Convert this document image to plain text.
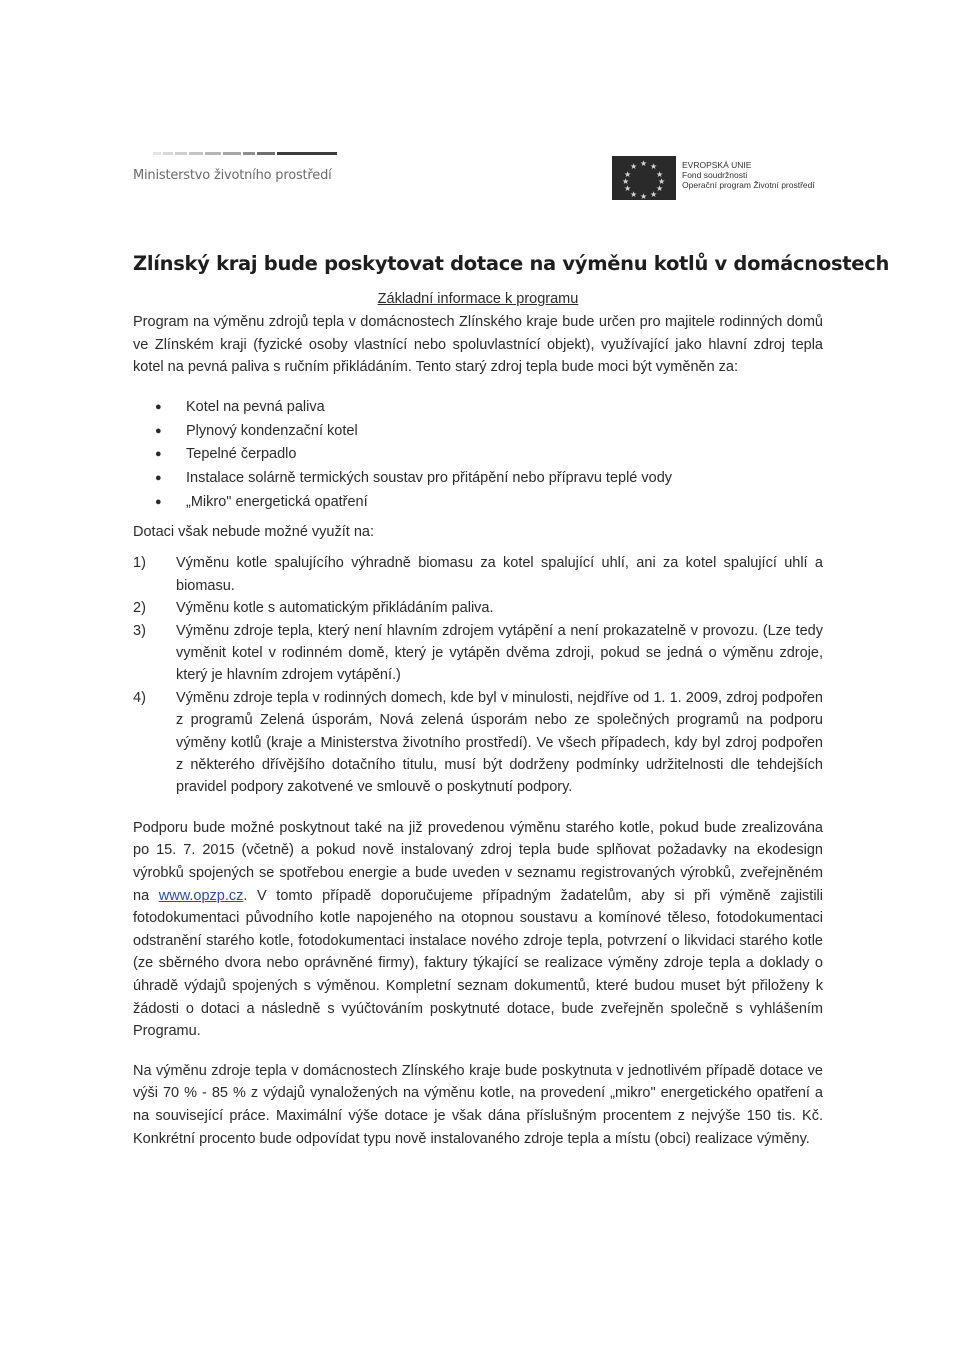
Ministerstvo životního prostředí
★ ★
★
★
★
★
★
★
★
★
★
★	EVROPSKÁ UNIE
Fond soudržnosti
Operační program Životní prostředí
Zlínský kraj bude poskytovat dotace na výměnu kotlů v domácnostech
Základní informace k programu

Program na výměnu zdrojů tepla v domácnostech Zlínského kraje bude určen pro majitele rodinných domů ve Zlínském kraji (fyzické osoby vlastnící nebo spoluvlastnící objekt), využívající jako hlavní zdroj tepla kotel na pevná paliva s ručním přikládáním. Tento starý zdroj tepla bude moci být vyměněn za:

● Kotel na pevná paliva
● Plynový kondenzační kotel
● Tepelné čerpadlo
● Instalace solárně termických soustav pro přitápění nebo přípravu teplé vody
● „Mikro" energetická opatření

Dotaci však nebude možné využít na:

1) Výměnu kotle spalujícího výhradně biomasu za kotel spalující uhlí, ani za kotel spalující uhlí a biomasu.
2) Výměnu kotle s automatickým přikládáním paliva.
3) Výměnu zdroje tepla, který není hlavním zdrojem vytápění a není prokazatelně v provozu. (Lze tedy vyměnit kotel v rodinném domě, který je vytápěn dvěma zdroji, pokud se jedná o výměnu zdroje, který je hlavním zdrojem vytápění.)
4) Výměnu zdroje tepla v rodinných domech, kde byl v minulosti, nejdříve od 1. 1. 2009, zdroj podpořen z programů Zelená úsporám, Nová zelená úsporám nebo ze společných programů na podporu výměny kotlů (kraje a Ministerstva životního prostředí). Ve všech případech, kdy byl zdroj podpořen z některého dřívějšího dotačního titulu, musí být dodrženy podmínky udržitelnosti dle tehdejších pravidel podpory zakotvené ve smlouvě o poskytnutí podpory.

Podporu bude možné poskytnout také na již provedenou výměnu starého kotle, pokud bude zrealizována po 15. 7. 2015 (včetně) a pokud nově instalovaný zdroj tepla bude splňovat požadavky na ekodesign výrobků spojených se spotřebou energie a bude uveden v seznamu registrovaných výrobků, zveřejněném na www.opzp.cz. V tomto případě doporučujeme případným žadatelům, aby si při výměně zajistili fotodokumentaci původního kotle napojeného na otopnou soustavu a komínové těleso, fotodokumentaci odstranění starého kotle, fotodokumentaci instalace nového zdroje tepla, potvrzení o likvidaci starého kotle (ze sběrného dvora nebo oprávněné firmy), faktury týkající se realizace výměny zdroje tepla a doklady o úhradě výdajů spojených s výměnou. Kompletní seznam dokumentů, které budou muset být přiloženy k žádosti o dotaci a následně s vyúčtováním poskytnuté dotace, bude zveřejněn společně s vyhlášením Programu.

Na výměnu zdroje tepla v domácnostech Zlínského kraje bude poskytnuta v jednotlivém případě dotace ve výši 70 % - 85 % z výdajů vynaložených na výměnu kotle, na provedení „mikro" energetického opatření a na související práce. Maximální výše dotace je však dána příslušným procentem z nejvýše 150 tis. Kč. Konkrétní procento bude odpovídat typu nově instalovaného zdroje tepla a místu (obci) realizace výměny.
